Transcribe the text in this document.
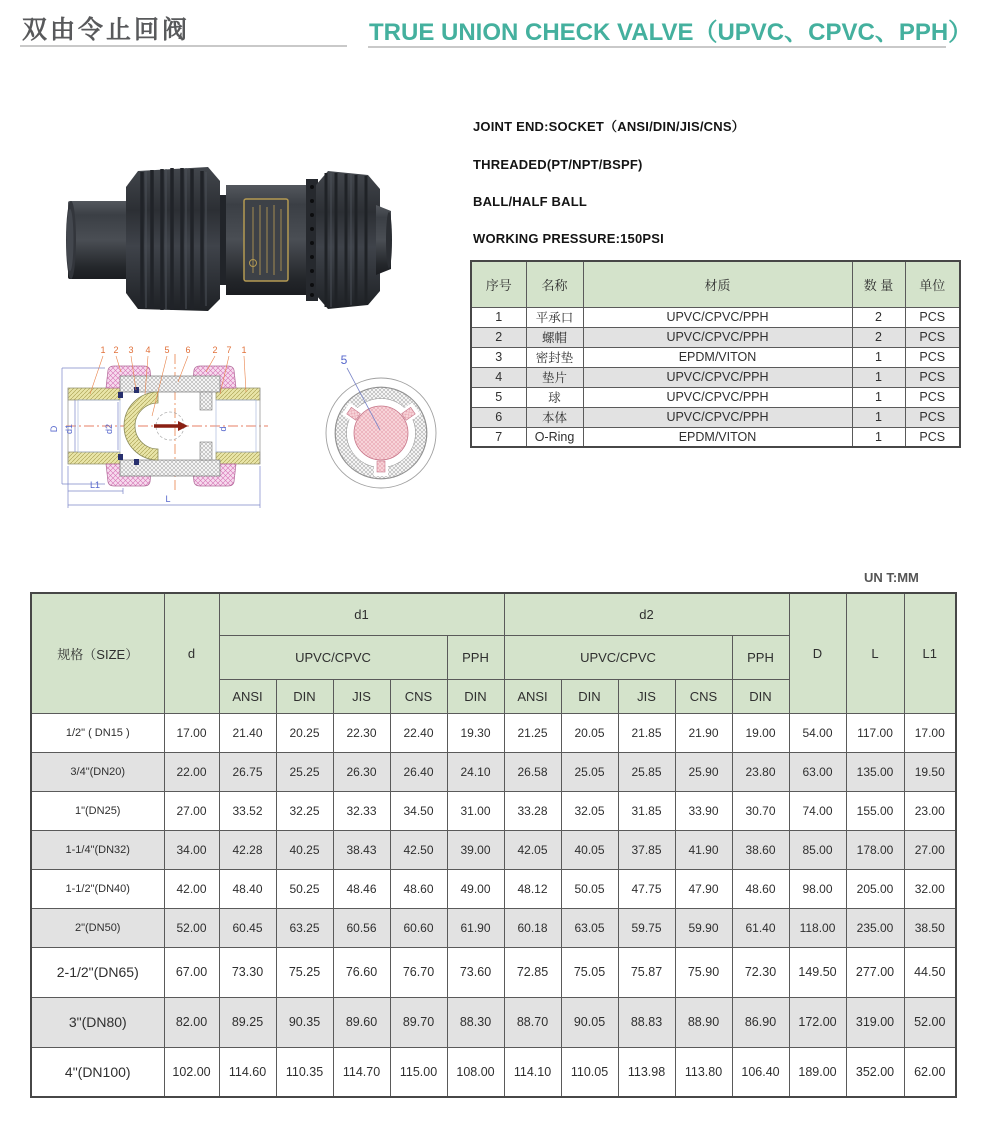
双由令止回阀	TRUE UNION CHECK VALVE（UPVC、CPVC、PPH）
JOINT END:SOCKET（ANSI/DIN/JIS/CNS）
THREADED(PT/NPT/BSPF)
BALL/HALF BALL
WORKING PRESSURE:150PSI
序号	名称	材质	数 量	单位
1	平承口	UPVC/CPVC/PPH	2	PCS
2	螺帽	UPVC/CPVC/PPH	2	PCS
3	密封垫	EPDM/VITON	1	PCS
4	垫片	UPVC/CPVC/PPH	1	PCS
5	球	UPVC/CPVC/PPH	1	PCS
6	本体	UPVC/CPVC/PPH	1	PCS
7	O-Ring	EPDM/VITON	1	PCS
1 2 3 4 5 6 2 7 1
D d1	d2	d
L1
L
5
UN T:MM
规格（SIZE）	d	d1					d2					D	L	L1
		UPVC/CPVC				PPH	UPVC/CPVC				PPH			
		ANSI	DIN	JIS	CNS	DIN	ANSI	DIN	JIS	CNS	DIN			
1/2" ( DN15 )	17.00	21.40	20.25	22.30	22.40	19.30	21.25	20.05	21.85	21.90	19.00	54.00	117.00	17.00
3/4"(DN20)	22.00	26.75	25.25	26.30	26.40	24.10	26.58	25.05	25.85	25.90	23.80	63.00	135.00	19.50
1"(DN25)	27.00	33.52	32.25	32.33	34.50	31.00	33.28	32.05	31.85	33.90	30.70	74.00	155.00	23.00
1-1/4"(DN32)	34.00	42.28	40.25	38.43	42.50	39.00	42.05	40.05	37.85	41.90	38.60	85.00	178.00	27.00
1-1/2"(DN40)	42.00	48.40	50.25	48.46	48.60	49.00	48.12	50.05	47.75	47.90	48.60	98.00	205.00	32.00
2"(DN50)	52.00	60.45	63.25	60.56	60.60	61.90	60.18	63.05	59.75	59.90	61.40	118.00	235.00	38.50
2-1/2"(DN65)	67.00	73.30	75.25	76.60	76.70	73.60	72.85	75.05	75.87	75.90	72.30	149.50	277.00	44.50
3"(DN80)	82.00	89.25	90.35	89.60	89.70	88.30	88.70	90.05	88.83	88.90	86.90	172.00	319.00	52.00
4"(DN100)	102.00	114.60	110.35	114.70	115.00	108.00	114.10	110.05	113.98	113.80	106.40	189.00	352.00	62.00
